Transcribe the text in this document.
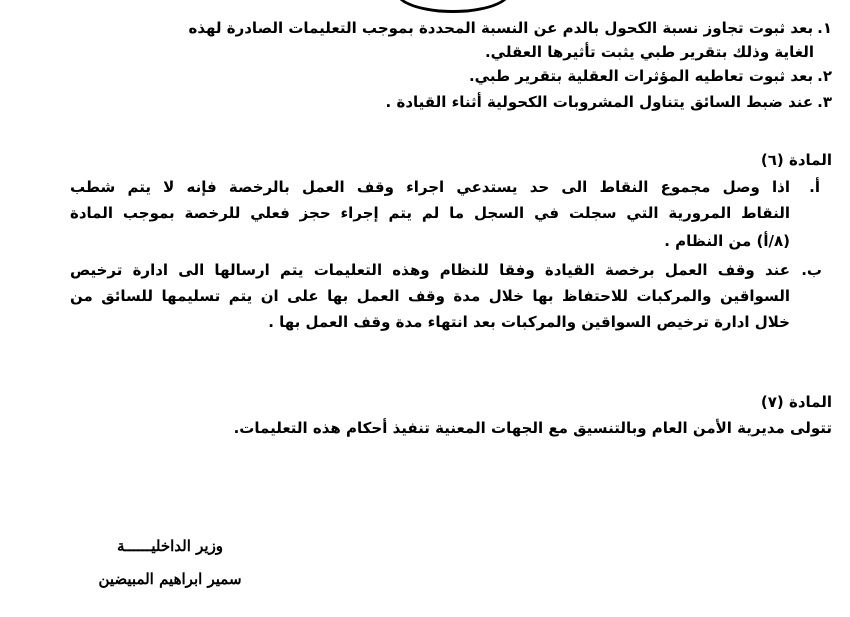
١.بعد ثبوت تجاوز نسبة الكحول بالدم عن النسبة المحددة بموجب التعليمات الصادرة لهذه
الغاية وذلك بتقرير طبي يثبت تأثيرها العقلي.
٢.بعد ثبوت تعاطيه المؤثرات العقلية بتقرير طبي.
٣.عند ضبط السائق يتناول المشروبات الكحولية أثناء القيادة .
المادة (٦)
أ.
اذا وصل مجموع النقاط الى حد يستدعي اجراء وقف العمل بالرخصة فإنه لا يتم شطب
النقاط المرورية التي سجلت في السجل ما لم يتم إجراء حجز فعلي للرخصة بموجب المادة
(٨/أ) من النظام .
ب.
عند وقف العمل برخصة القيادة وفقا للنظام وهذه التعليمات يتم ارسالها الى ادارة ترخيص
السواقين والمركبات للاحتفاظ بها خلال مدة وقف العمل بها على ان يتم تسليمها للسائق من
خلال ادارة ترخيص السواقين والمركبات بعد انتهاء مدة وقف العمل بها .
المادة (٧)
تتولى مديرية الأمن العام وبالتنسيق مع الجهات المعنية تنفيذ أحكام هذه التعليمات.
وزير الداخليــــــة
سمير ابراهيم المبيضين
